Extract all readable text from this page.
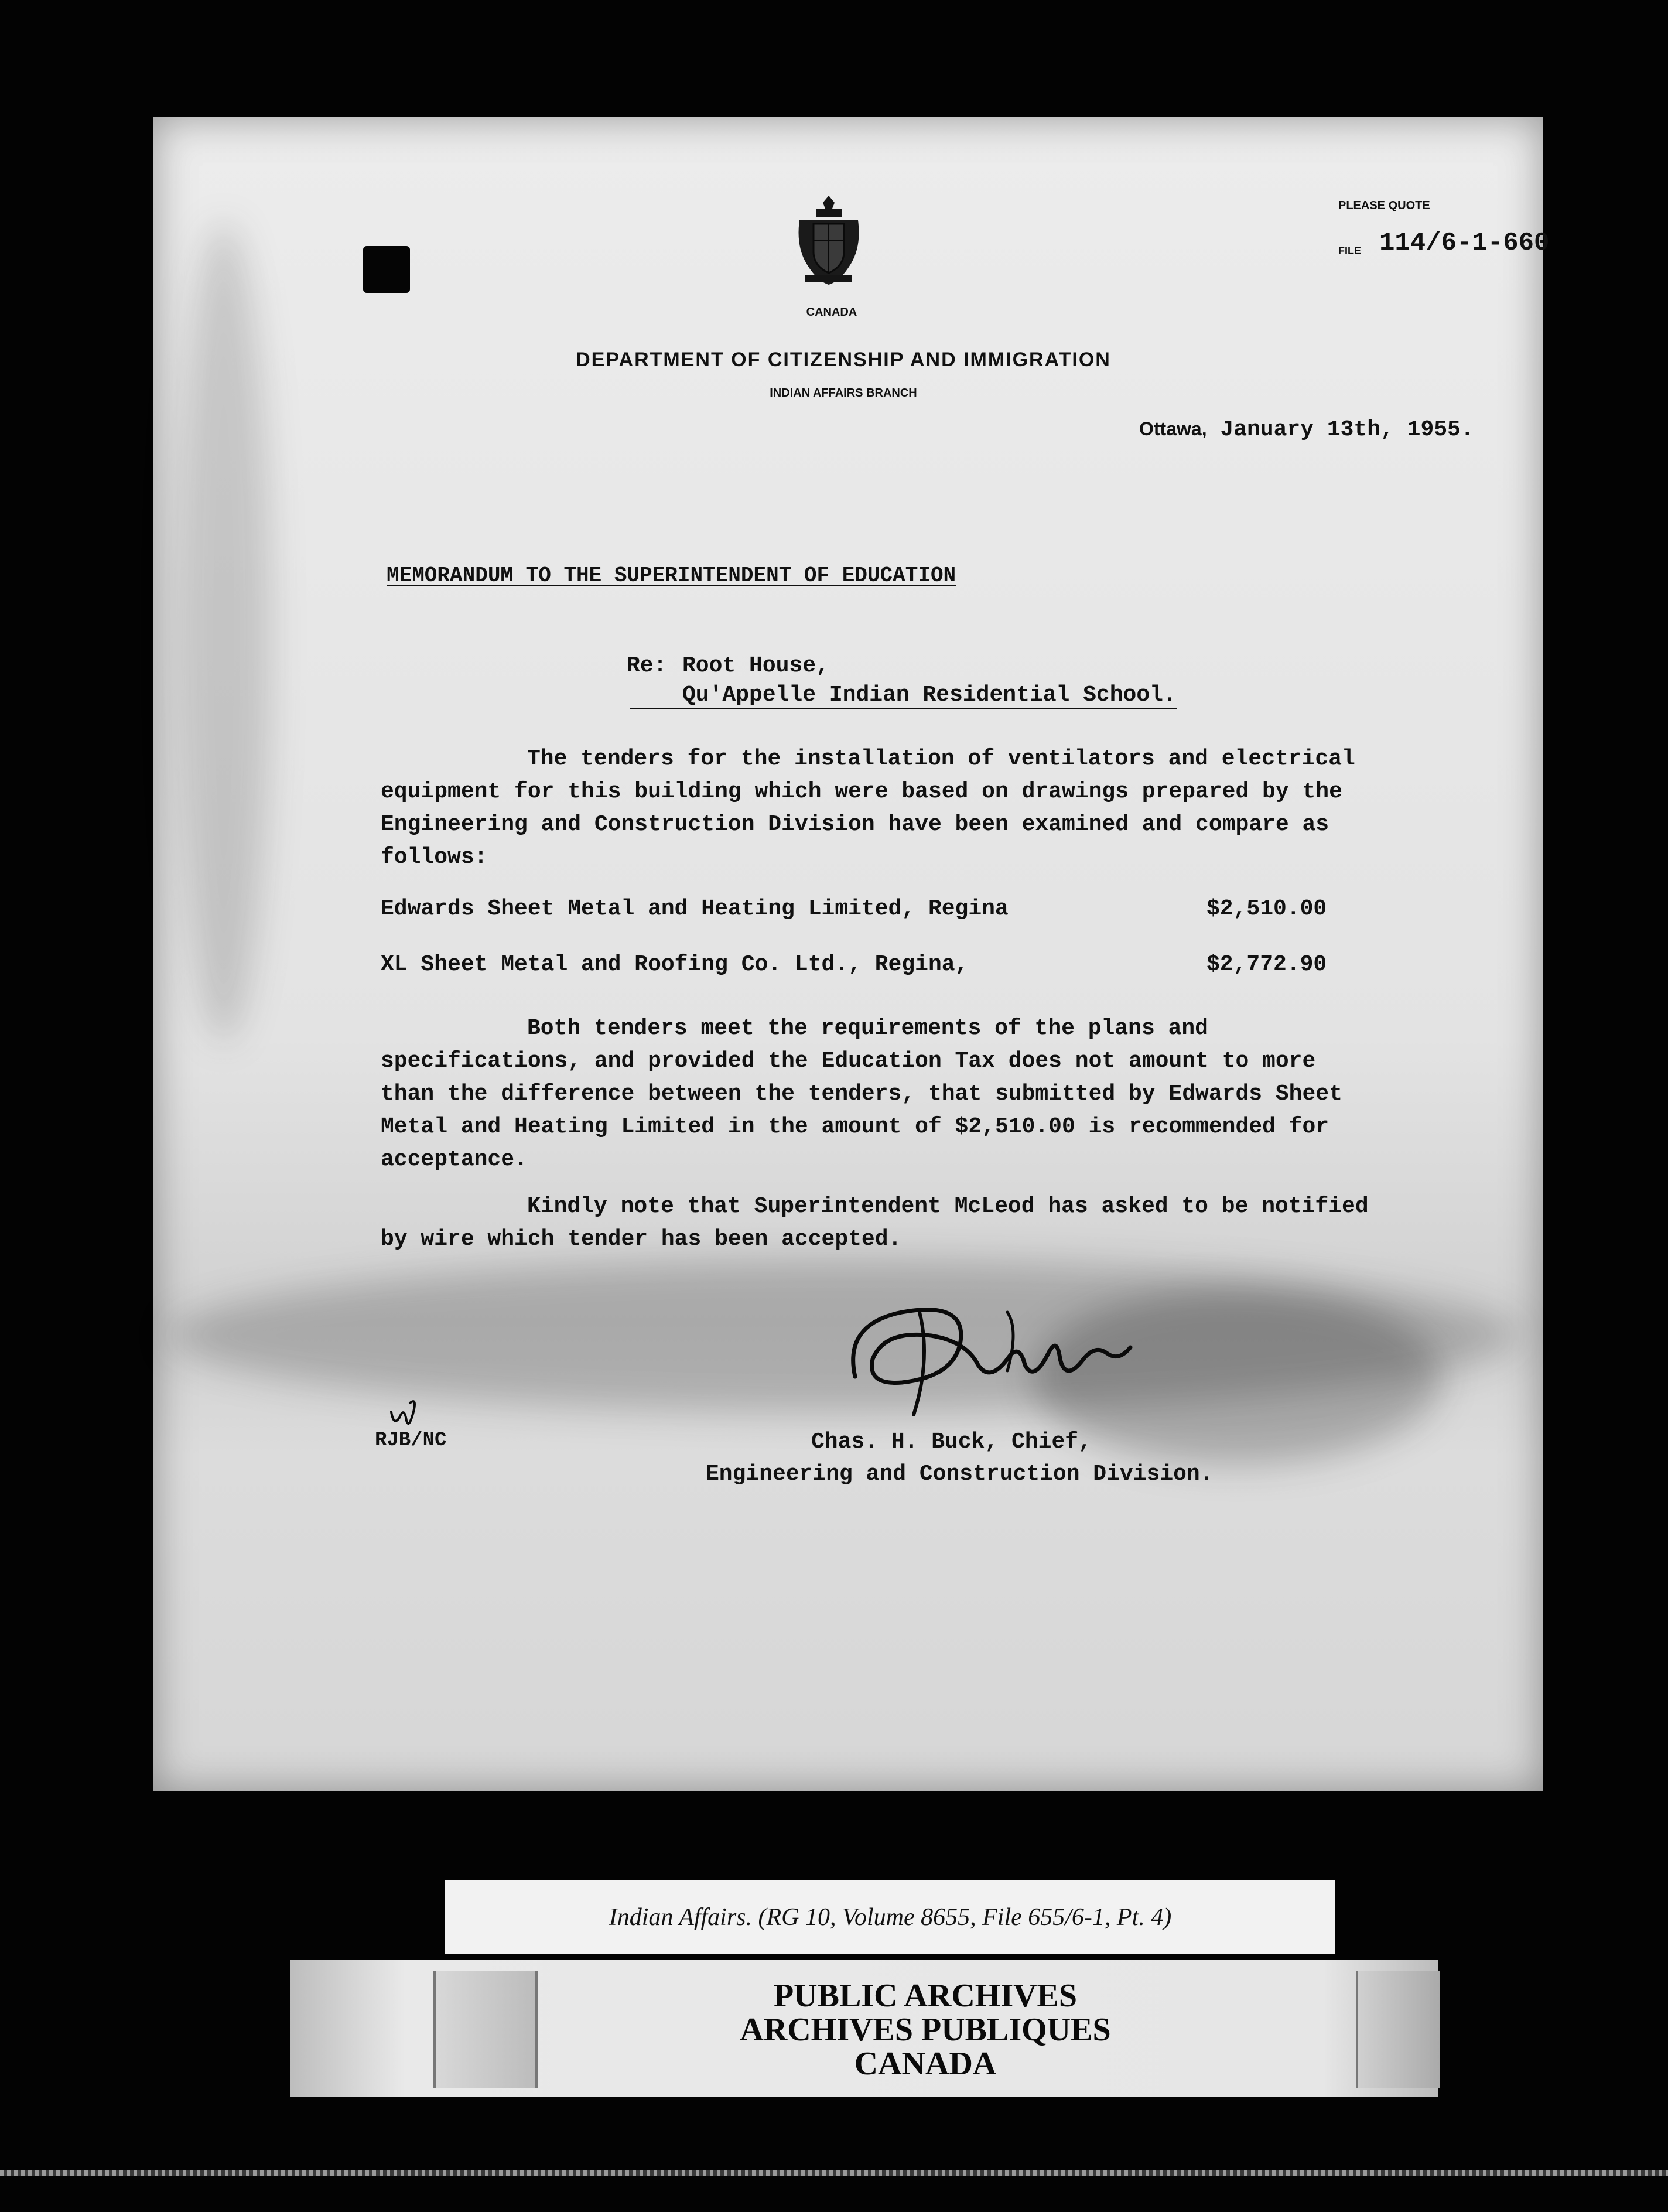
CANADA
PLEASE QUOTE
FILE 114/6-1-660
DEPARTMENT OF CITIZENSHIP AND IMMIGRATION
INDIAN AFFAIRS BRANCH
Ottawa, January 13th, 1955.
MEMORANDUM TO THE SUPERINTENDENT OF EDUCATION
Re: Root House,
Qu'Appelle Indian Residential School.
The tenders for the installation of ventilators and electrical equipment for this building which were based on drawings prepared by the Engineering and Construction Division have been examined and compare as follows:
Edwards Sheet Metal and Heating Limited, Regina	$2,510.00
XL Sheet Metal and Roofing Co. Ltd., Regina,	$2,772.90
Both tenders meet the requirements of the plans and specifications, and provided the Education Tax does not amount to more than the difference between the tenders, that submitted by Edwards Sheet Metal and Heating Limited in the amount of $2,510.00 is recommended for acceptance.
Kindly note that Superintendent McLeod has asked to be notified by wire which tender has been accepted.
RJB/NC	Chas. H. Buck, Chief,
Engineering and Construction Division.
Indian Affairs. (RG 10, Volume 8655, File 655/6-1, Pt. 4)
PUBLIC ARCHIVES
ARCHIVES PUBLIQUES
CANADA
